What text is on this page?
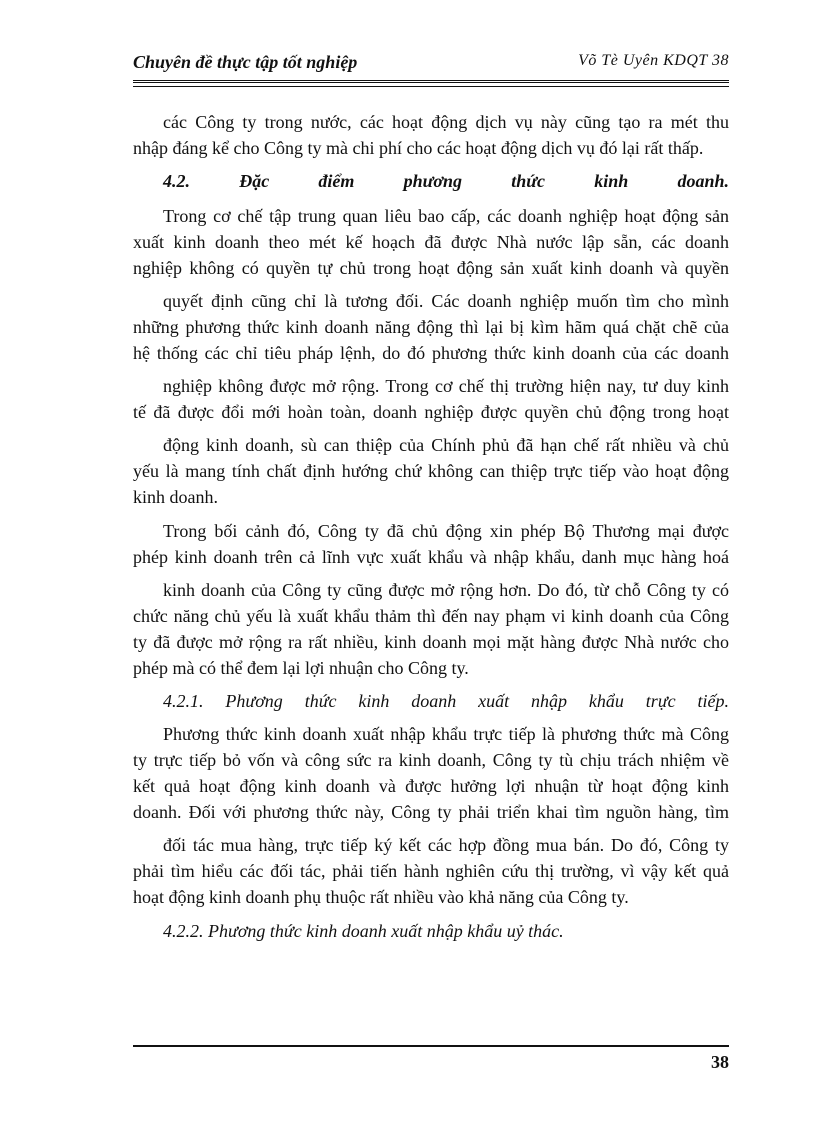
Chuyên đề thực tập tốt nghiệp	Võ Tè Uyên KDQT 38
các Công ty trong nước, các hoạt động dịch vụ này cũng tạo ra mét thu
nhập đáng kể cho Công ty mà chi phí cho các hoạt động dịch vụ đó lại rất thấp.
4.2. Đặc điểm phương thức kinh doanh.
Trong cơ chế tập trung quan liêu bao cấp, các doanh nghiệp hoạt động sản
xuất kinh doanh theo mét kế hoạch đã được Nhà nước lập sẵn, các doanh
nghiệp không có quyền tự chủ trong hoạt động sản xuất kinh doanh và quyền
quyết định cũng chỉ là tương đối. Các doanh nghiệp muốn tìm cho mình
những phương thức kinh doanh năng động thì lại bị kìm hãm quá chặt chẽ của
hệ thống các chỉ tiêu pháp lệnh, do đó phương thức kinh doanh của các doanh
nghiệp không được mở rộng. Trong cơ chế thị trường hiện nay, tư duy kinh
tế đã được đổi mới hoàn toàn, doanh nghiệp được quyền chủ động trong hoạt
động kinh doanh, sù can thiệp của Chính phủ đã hạn chế rất nhiều và chủ
yếu là mang tính chất định hướng chứ không can thiệp trực tiếp vào hoạt động
kinh doanh.
Trong bối cảnh đó, Công ty đã chủ động xin phép Bộ Thương mại được
phép kinh doanh trên cả lĩnh vực xuất khẩu và nhập khẩu, danh mục hàng hoá
kinh doanh của Công ty cũng được mở rộng hơn. Do đó, từ chỗ Công ty có
chức năng chủ yếu là xuất khẩu thảm thì đến nay phạm vi kinh doanh của Công
ty đã được mở rộng ra rất nhiều, kinh doanh mọi mặt hàng được Nhà nước cho
phép mà có thể đem lại lợi nhuận cho Công ty.
4.2.1. Phương thức kinh doanh xuất nhập khẩu trực tiếp.
Phương thức kinh doanh xuất nhập khẩu trực tiếp là phương thức mà Công
ty trực tiếp bỏ vốn và công sức ra kinh doanh, Công ty tù chịu trách nhiệm về
kết quả hoạt động kinh doanh và được hưởng lợi nhuận từ hoạt động kinh
doanh. Đối với phương thức này, Công ty phải triển khai tìm nguồn hàng, tìm
đối tác mua hàng, trực tiếp ký kết các hợp đồng mua bán. Do đó, Công ty
phải tìm hiểu các đối tác, phải tiến hành nghiên cứu thị trường, vì vậy kết quả
hoạt động kinh doanh phụ thuộc rất nhiều vào khả năng của Công ty.
4.2.2. Phương thức kinh doanh xuất nhập khẩu uỷ thác.
38
